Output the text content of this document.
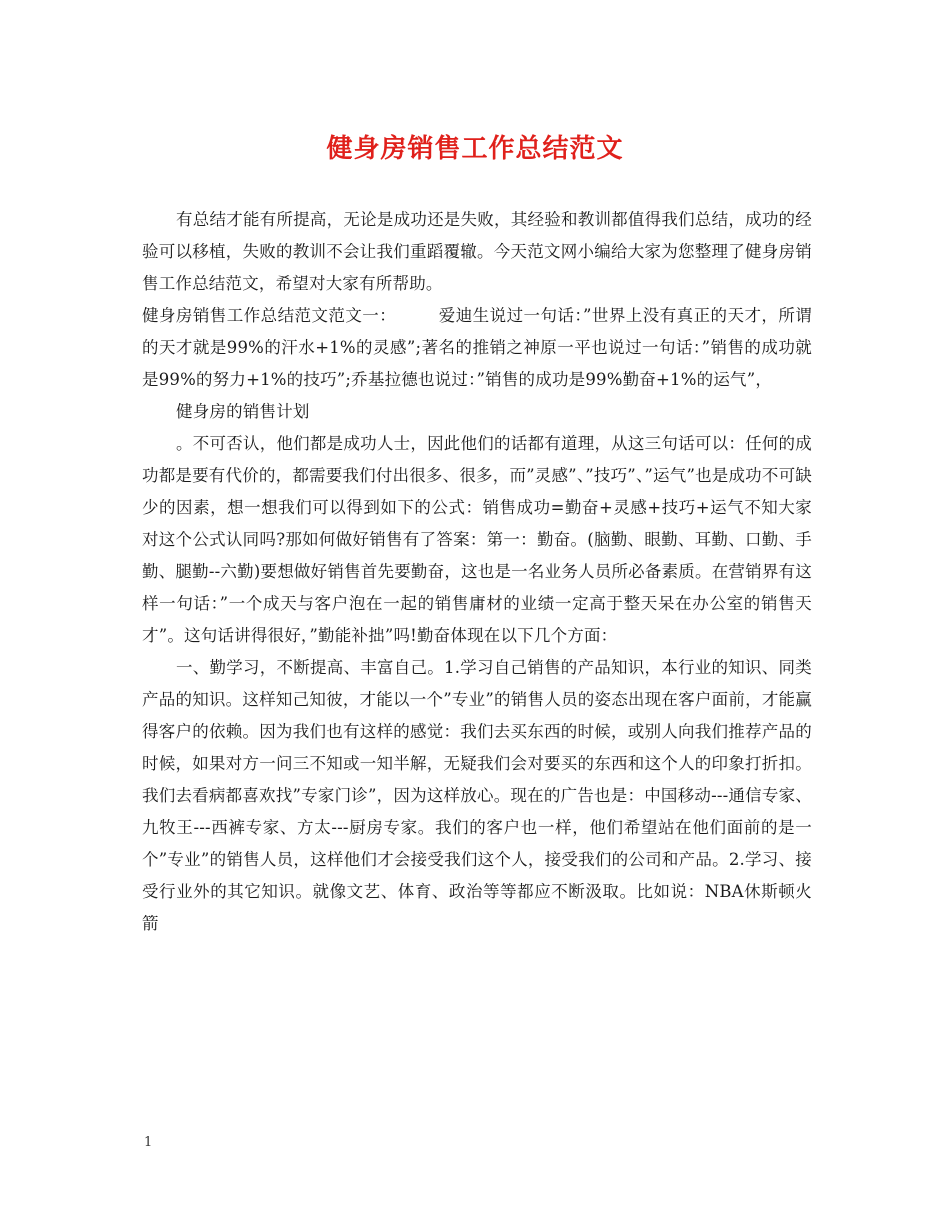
健身房销售工作总结范文

有总结才能有所提高，无论是成功还是失败，其经验和教训都值得我们总结，成功的经验可以移植，失败的教训不会让我们重蹈覆辙。今天范文网小编给大家为您整理了健身房销售工作总结范文，希望对大家有所帮助。

健身房销售工作总结范文范文一：　　　爱迪生说过一句话：”世界上没有真正的天才，所谓的天才就是99%的汗水+1%的灵感”;著名的推销之神原一平也说过一句话：”销售的成功就是99%的努力+1%的技巧”;乔基拉德也说过：”销售的成功是99%勤奋+1%的运气”，

健身房的销售计划

。不可否认，他们都是成功人士，因此他们的话都有道理，从这三句话可以：任何的成功都是要有代价的，都需要我们付出很多、很多，而”灵感”、”技巧”、”运气”也是成功不可缺少的因素，想一想我们可以得到如下的公式：销售成功=勤奋+灵感+技巧+运气不知大家对这个公式认同吗?那如何做好销售有了答案：第一：勤奋。(脑勤、眼勤、耳勤、口勤、手勤、腿勤--六勤)要想做好销售首先要勤奋，这也是一名业务人员所必备素质。在营销界有这样一句话：”一个成天与客户泡在一起的销售庸材的业绩一定高于整天呆在办公室的销售天才”。这句话讲得很好，”勤能补拙”吗!勤奋体现在以下几个方面：

一、勤学习，不断提高、丰富自己。1.学习自己销售的产品知识，本行业的知识、同类产品的知识。这样知己知彼，才能以一个”专业”的销售人员的姿态出现在客户面前，才能赢得客户的依赖。因为我们也有这样的感觉：我们去买东西的时候，或别人向我们推荐产品的时候，如果对方一问三不知或一知半解，无疑我们会对要买的东西和这个人的印象打折扣。我们去看病都喜欢找”专家门诊”，因为这样放心。现在的广告也是：中国移动---通信专家、九牧王---西裤专家、方太---厨房专家。我们的客户也一样，他们希望站在他们面前的是一个”专业”的销售人员，这样他们才会接受我们这个人，接受我们的公司和产品。2.学习、接受行业外的其它知识。就像文艺、体育、政治等等都应不断汲取。比如说：NBA休斯顿火箭

1
